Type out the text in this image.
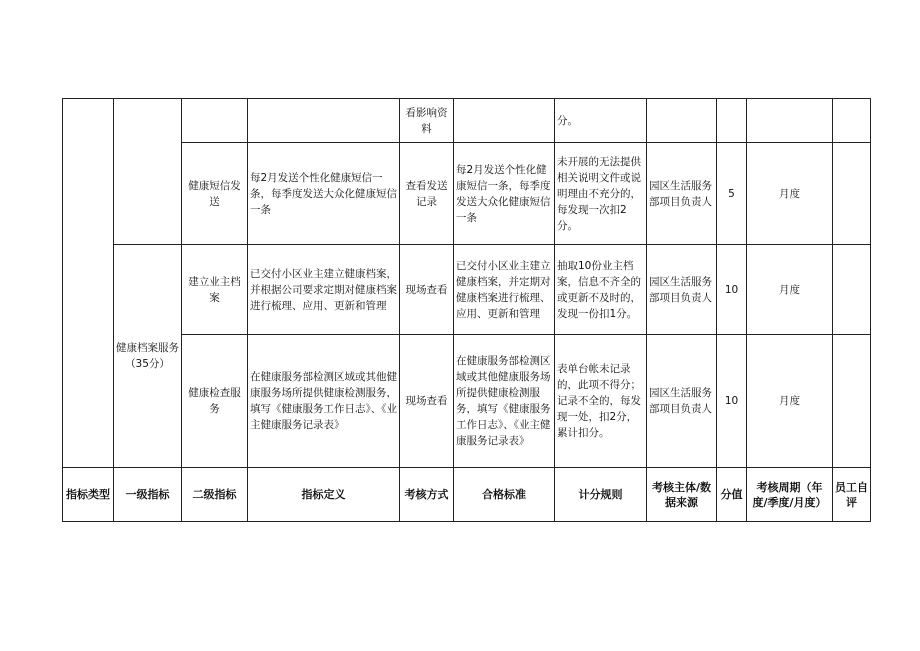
				看影响资料		分。				

		健康短信发送	每2月发送个性化健康短信一条，每季度发送大众化健康短信一条	查看发送记录	每2月发送个性化健康短信一条，每季度发送大众化健康短信一条	未开展的无法提供相关说明文件或说明理由不充分的，每发现一次扣2分。	园区生活服务部项目负责人	5	月度	

	健康档案服务（35分）	建立业主档案	已交付小区业主建立健康档案，并根据公司要求定期对健康档案进行梳理、应用、更新和管理	现场查看	已交付小区业主建立健康档案，并定期对健康档案进行梳理、应用、更新和管理	抽取10份业主档案，信息不齐全的或更新不及时的，发现一份扣1分。	园区生活服务部项目负责人	10	月度	

		健康检查服务	在健康服务部检测区域或其他健康服务场所提供健康检测服务，填写《健康服务工作日志》、《业主健康服务记录表》	现场查看	在健康服务部检测区域或其他健康服务场所提供健康检测服务，填写《健康服务工作日志》、《业主健康服务记录表》	表单台帐未记录的，此项不得分；记录不全的，每发现一处，扣2分，累计扣分。	园区生活服务部项目负责人	10	月度	

指标类型	一级指标	二级指标	指标定义	考核方式	合格标准	计分规则	考核主体/数据来源	分值	考核周期（年度/季度/月度）	员工自评
